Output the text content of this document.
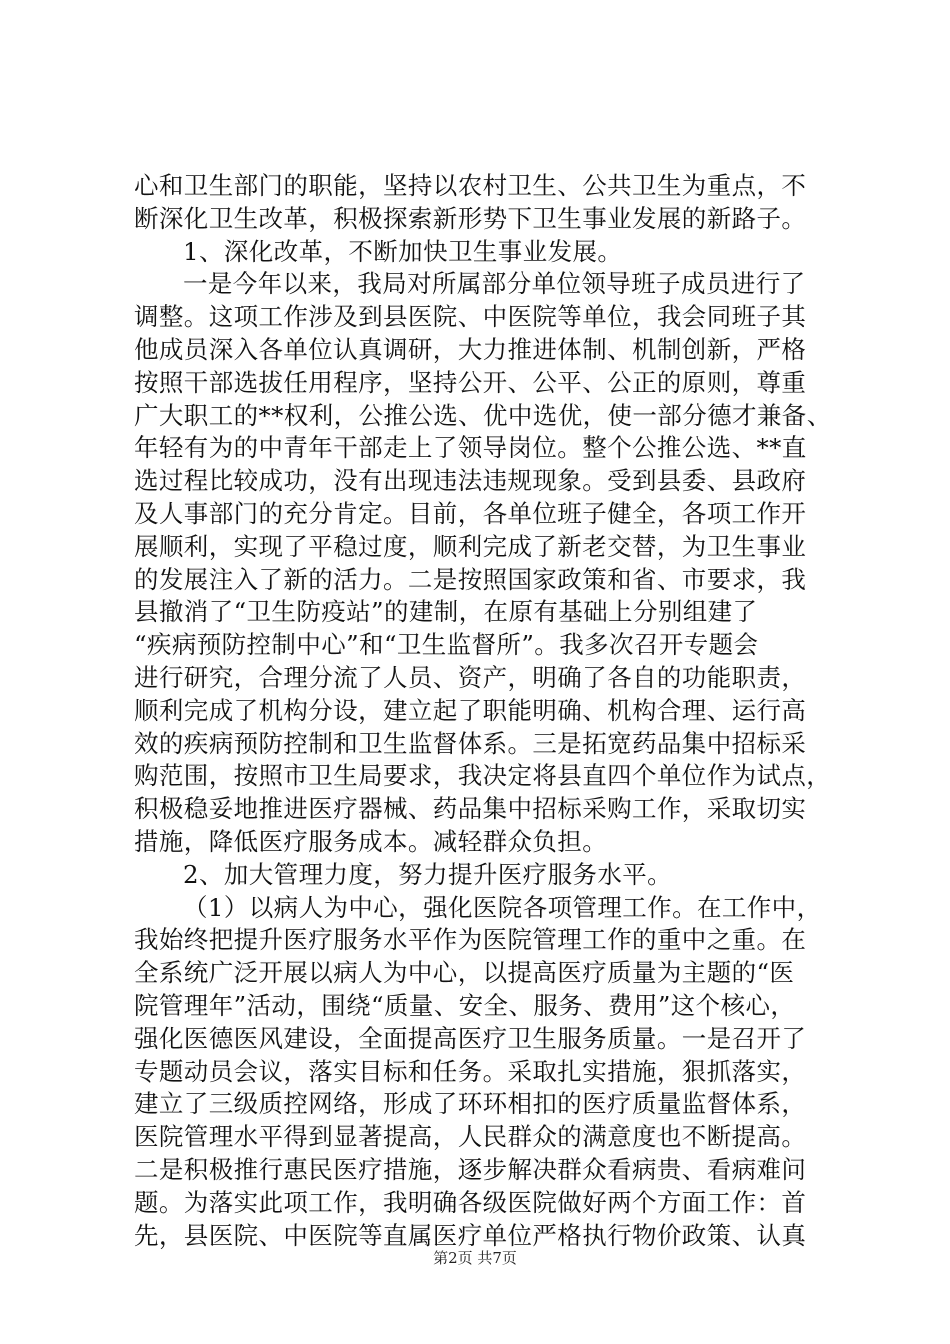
心和卫生部门的职能，坚持以农村卫生、公共卫生为重点，不
断深化卫生改革，积极探索新形势下卫生事业发展的新路子。
1、深化改革，不断加快卫生事业发展。
一是今年以来，我局对所属部分单位领导班子成员进行了
调整。这项工作涉及到县医院、中医院等单位，我会同班子其
他成员深入各单位认真调研，大力推进体制、机制创新，严格
按照干部选拔任用程序，坚持公开、公平、公正的原则，尊重
广大职工的**权利，公推公选、优中选优，使一部分德才兼备、
年轻有为的中青年干部走上了领导岗位。整个公推公选、**直
选过程比较成功，没有出现违法违规现象。受到县委、县政府
及人事部门的充分肯定。目前，各单位班子健全，各项工作开
展顺利，实现了平稳过度，顺利完成了新老交替，为卫生事业
的发展注入了新的活力。二是按照国家政策和省、市要求，我
县撤消了“卫生防疫站”的建制，在原有基础上分别组建了
“疾病预防控制中心”和“卫生监督所”。我多次召开专题会
进行研究，合理分流了人员、资产，明确了各自的功能职责，
顺利完成了机构分设，建立起了职能明确、机构合理、运行高
效的疾病预防控制和卫生监督体系。三是拓宽药品集中招标采
购范围，按照市卫生局要求，我决定将县直四个单位作为试点，
积极稳妥地推进医疗器械、药品集中招标采购工作，采取切实
措施，降低医疗服务成本。减轻群众负担。
2、加大管理力度，努力提升医疗服务水平。
（1）以病人为中心，强化医院各项管理工作。在工作中，
我始终把提升医疗服务水平作为医院管理工作的重中之重。在
全系统广泛开展以病人为中心，以提高医疗质量为主题的“医
院管理年”活动，围绕“质量、安全、服务、费用”这个核心，
强化医德医风建设，全面提高医疗卫生服务质量。一是召开了
专题动员会议，落实目标和任务。采取扎实措施，狠抓落实，
建立了三级质控网络，形成了环环相扣的医疗质量监督体系，
医院管理水平得到显著提高，人民群众的满意度也不断提高。
二是积极推行惠民医疗措施，逐步解决群众看病贵、看病难问
题。为落实此项工作，我明确各级医院做好两个方面工作：首
先，县医院、中医院等直属医疗单位严格执行物价政策、认真
第2页 共7页
